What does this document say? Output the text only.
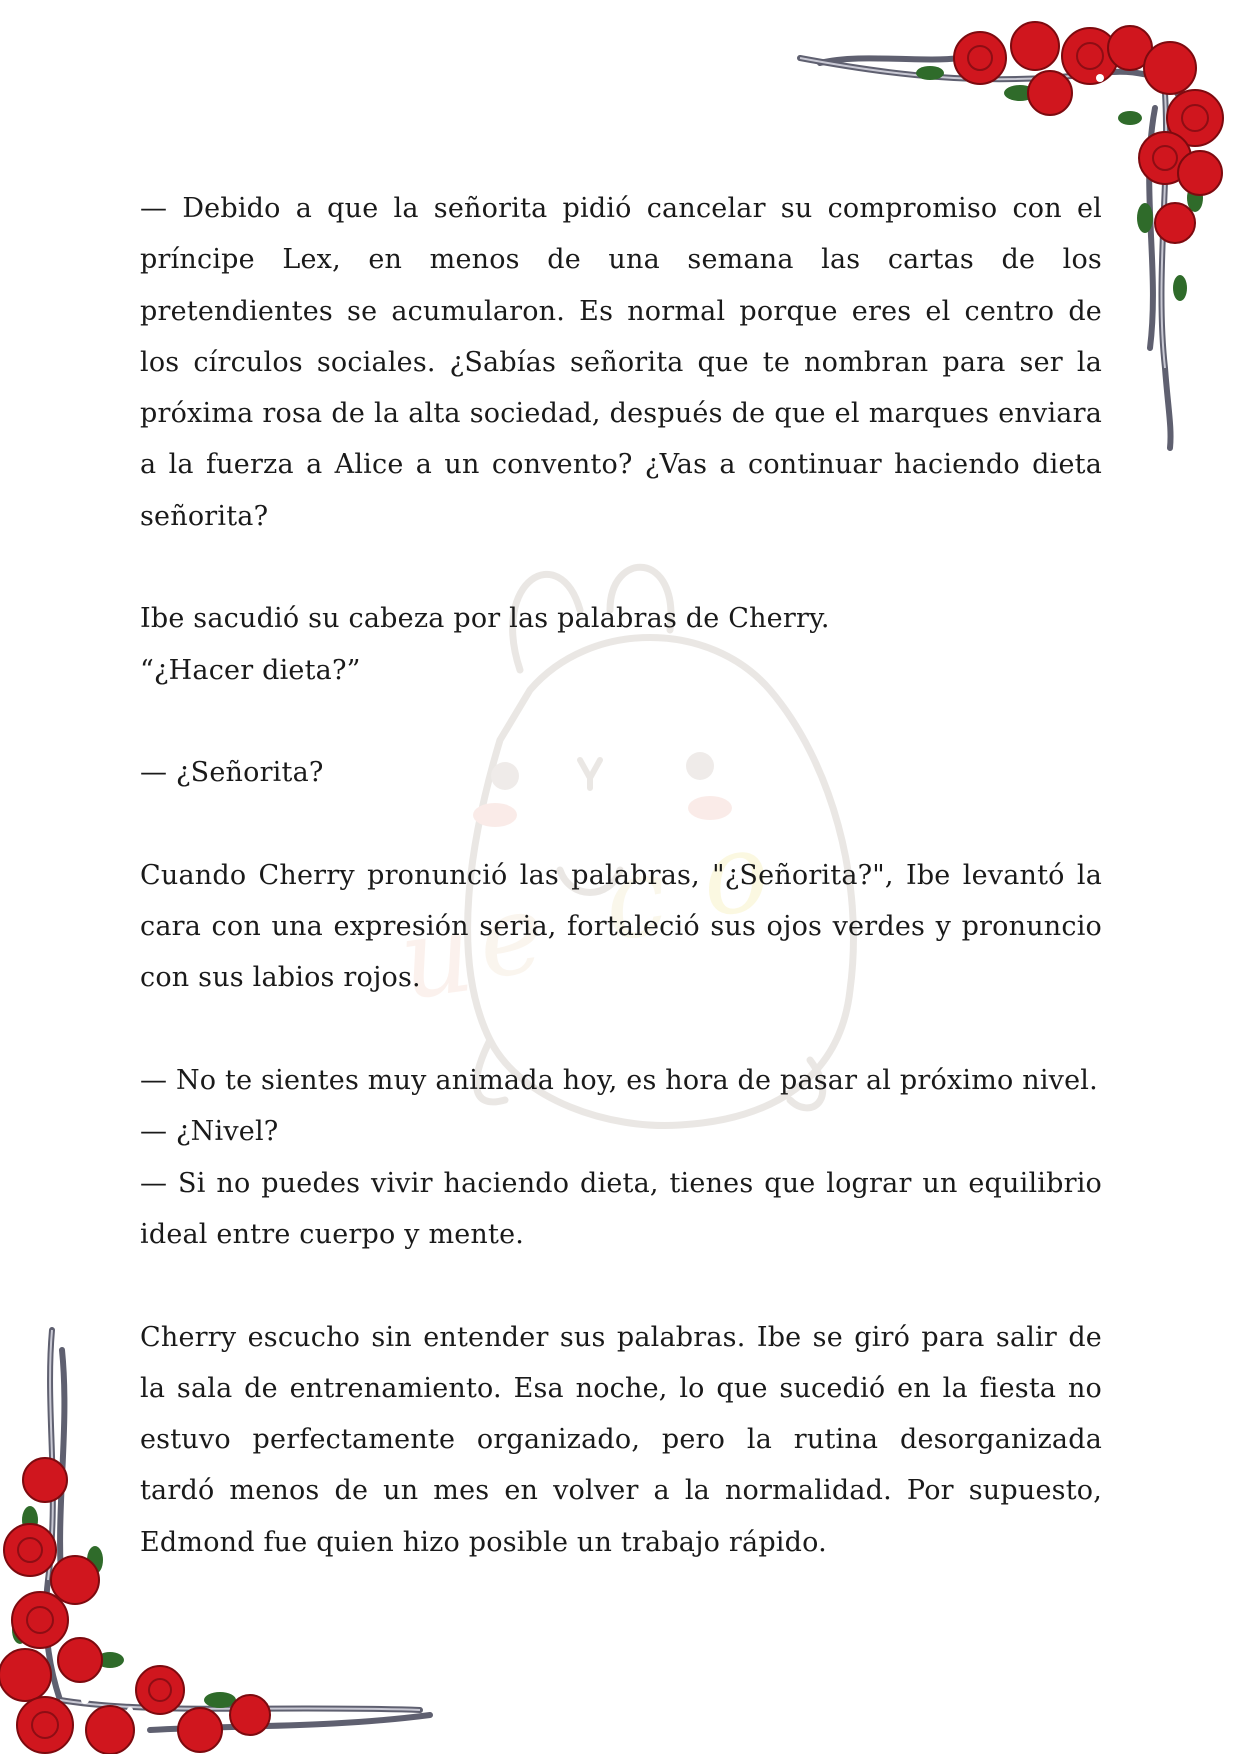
u
e c o

— Debido a que la señorita pidió cancelar su compromiso con el príncipe Lex, en menos de una semana las cartas de los pretendientes se acumularon. Es normal porque eres el centro de los círculos sociales. ¿Sabías señorita que te nombran para ser la próxima rosa de la alta sociedad, después de que el marques enviara a la fuerza a Alice a un convento? ¿Vas a continuar haciendo dieta señorita?

Ibe sacudió su cabeza por las palabras de Cherry.

“¿Hacer dieta?”

— ¿Señorita?

Cuando Cherry pronunció las palabras, "¿Señorita?", Ibe levantó la cara con una expresión seria, fortaleció sus ojos verdes y pronuncio con sus labios rojos.

— No te sientes muy animada hoy, es hora de pasar al próximo nivel.

— ¿Nivel?

— Si no puedes vivir haciendo dieta, tienes que lograr un equilibrio ideal entre cuerpo y mente.

Cherry escucho sin entender sus palabras. Ibe se giró para salir de la sala de entrenamiento. Esa noche, lo que sucedió en la fiesta no estuvo perfectamente organizado, pero la rutina desorganizada tardó menos de un mes en volver a la normalidad. Por supuesto, Edmond fue quien hizo posible un trabajo rápido.
